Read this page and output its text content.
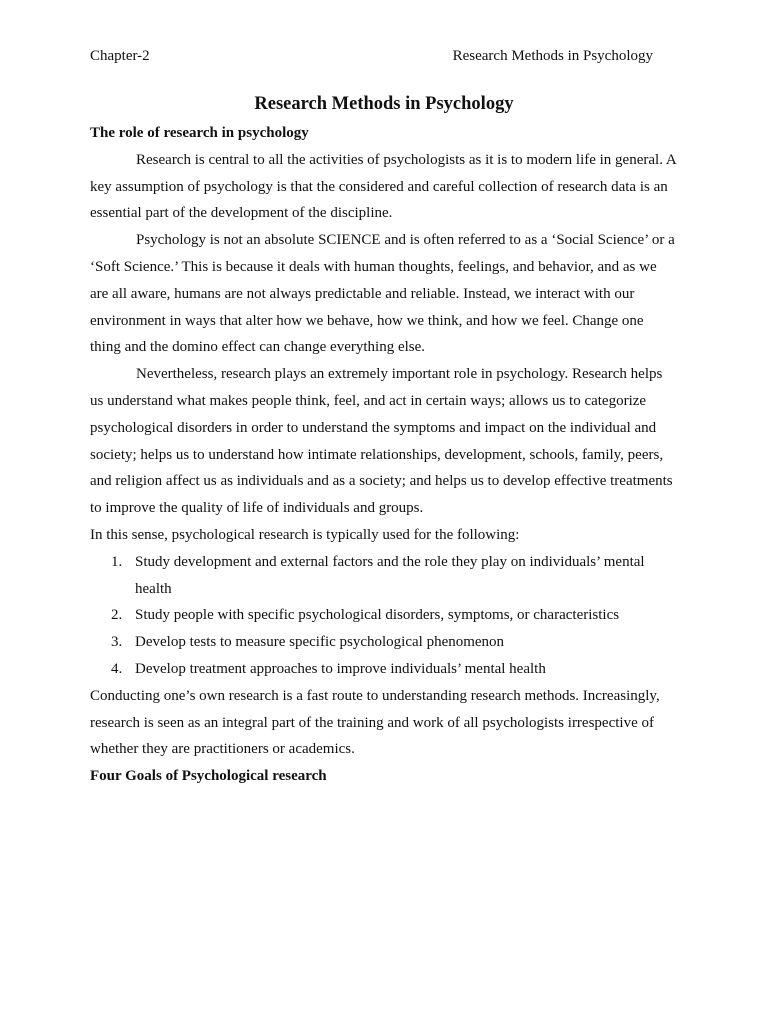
Chapter-2	Research Methods in Psychology
Research Methods in Psychology

The role of research in psychology

Research is central to all the activities of psychologists as it is to modern life in general. A key assumption of psychology is that the considered and careful collection of research data is an essential part of the development of the discipline.

Psychology is not an absolute SCIENCE and is often referred to as a ‘Social Science’ or a ‘Soft Science.’ This is because it deals with human thoughts, feelings, and behavior, and as we are all aware, humans are not always predictable and reliable. Instead, we interact with our environment in ways that alter how we behave, how we think, and how we feel. Change one thing and the domino effect can change everything else.

Nevertheless, research plays an extremely important role in psychology. Research helps us understand what makes people think, feel, and act in certain ways; allows us to categorize psychological disorders in order to understand the symptoms and impact on the individual and society; helps us to understand how intimate relationships, development, schools, family, peers, and religion affect us as individuals and as a society; and helps us to develop effective treatments to improve the quality of life of individuals and groups.

In this sense, psychological research is typically used for the following:

1. Study development and external factors and the role they play on individuals’ mental health
2. Study people with specific psychological disorders, symptoms, or characteristics
3. Develop tests to measure specific psychological phenomenon
4. Develop treatment approaches to improve individuals’ mental health

Conducting one’s own research is a fast route to understanding research methods. Increasingly, research is seen as an integral part of the training and work of all psychologists irrespective of whether they are practitioners or academics.

Four Goals of Psychological research
